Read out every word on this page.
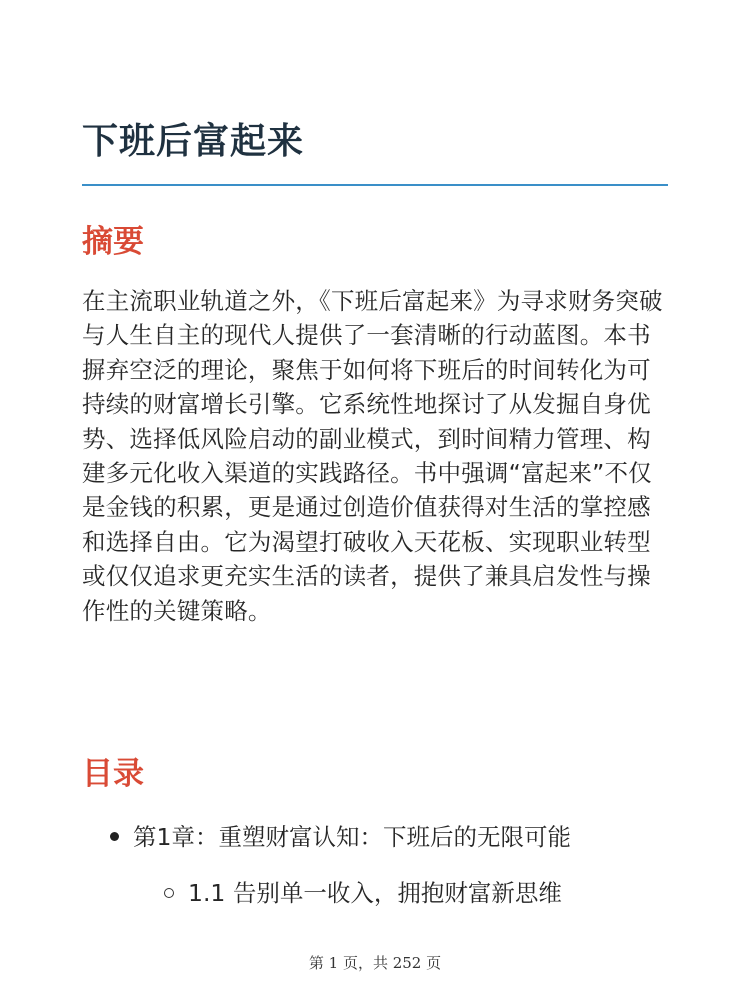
下班后富起来
摘要

在主流职业轨道之外，《下班后富起来》为寻求财务突破与人生自主的现代人提供了一套清晰的行动蓝图。本书摒弃空泛的理论，聚焦于如何将下班后的时间转化为可持续的财富增长引擎。它系统性地探讨了从发掘自身优势、选择低风险启动的副业模式，到时间精力管理、构建多元化收入渠道的实践路径。书中强调“富起来”不仅是金钱的积累，更是通过创造价值获得对生活的掌控感和选择自由。它为渴望打破收入天花板、实现职业转型或仅仅追求更充实生活的读者，提供了兼具启发性与操作性的关键策略。

目录
第1章：重塑财富认知：下班后的无限可能
1.1 告别单一收入，拥抱财富新思维
第 1 页，共 252 页
